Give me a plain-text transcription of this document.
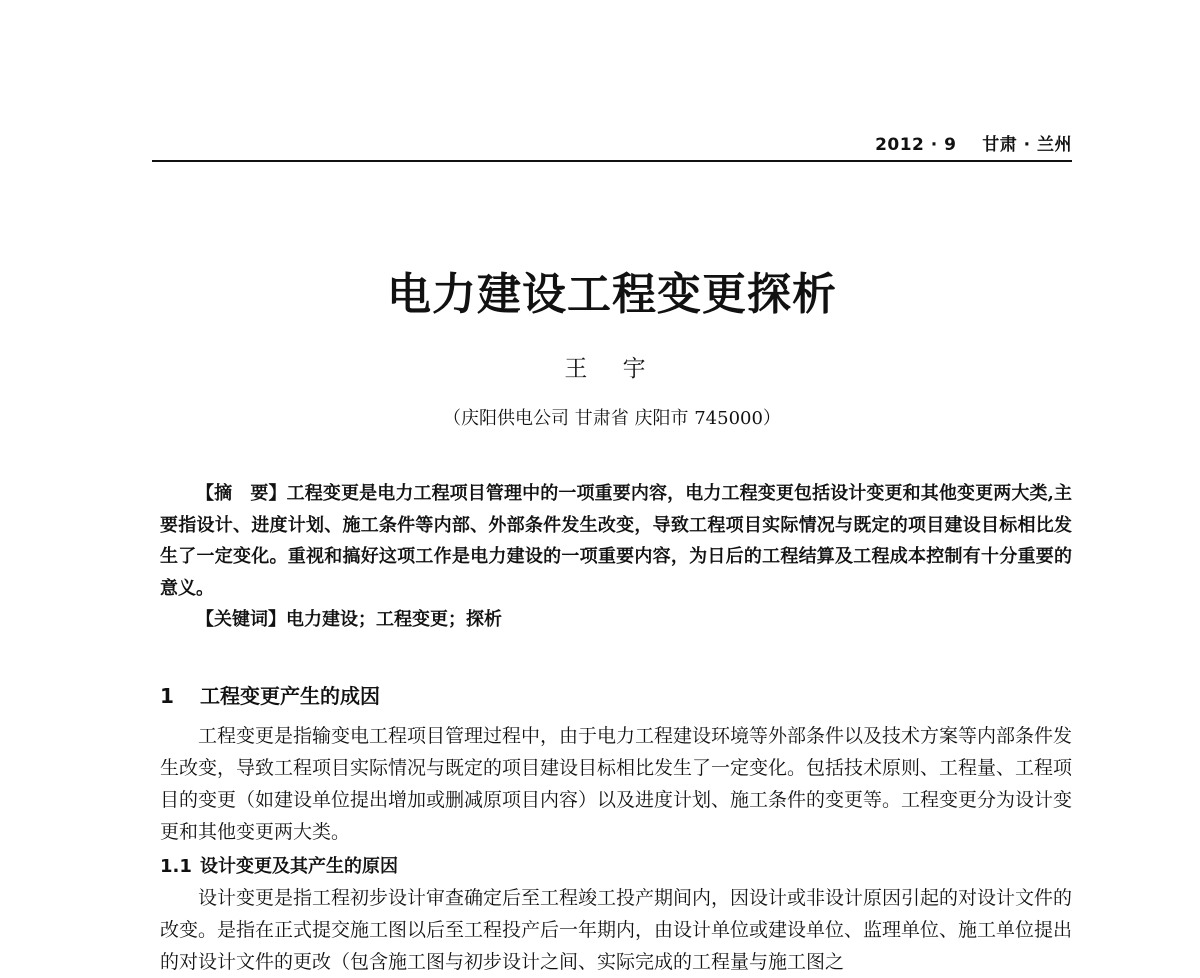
2012 · 9 甘肃 · 兰州
电力建设工程变更探析
王 宇
（庆阳供电公司 甘肃省 庆阳市 745000）
【摘　要】工程变更是电力工程项目管理中的一项重要内容，电力工程变更包括设计变更和其他变更两大类,主要指设计、进度计划、施工条件等内部、外部条件发生改变，导致工程项目实际情况与既定的项目建设目标相比发生了一定变化。重视和搞好这项工作是电力建设的一项重要内容，为日后的工程结算及工程成本控制有十分重要的意义。
【关键词】电力建设；工程变更；探析
1 工程变更产生的成因
工程变更是指输变电工程项目管理过程中，由于电力工程建设环境等外部条件以及技术方案等内部条件发生改变，导致工程项目实际情况与既定的项目建设目标相比发生了一定变化。包括技术原则、工程量、工程项目的变更（如建设单位提出增加或删减原项目内容）以及进度计划、施工条件的变更等。工程变更分为设计变更和其他变更两大类。
1.1 设计变更及其产生的原因
设计变更是指工程初步设计审查确定后至工程竣工投产期间内，因设计或非设计原因引起的对设计文件的改变。是指在正式提交施工图以后至工程投产后一年期内，由设计单位或建设单位、监理单位、施工单位提出的对设计文件的更改（包含施工图与初步设计之间、实际完成的工程量与施工图之
